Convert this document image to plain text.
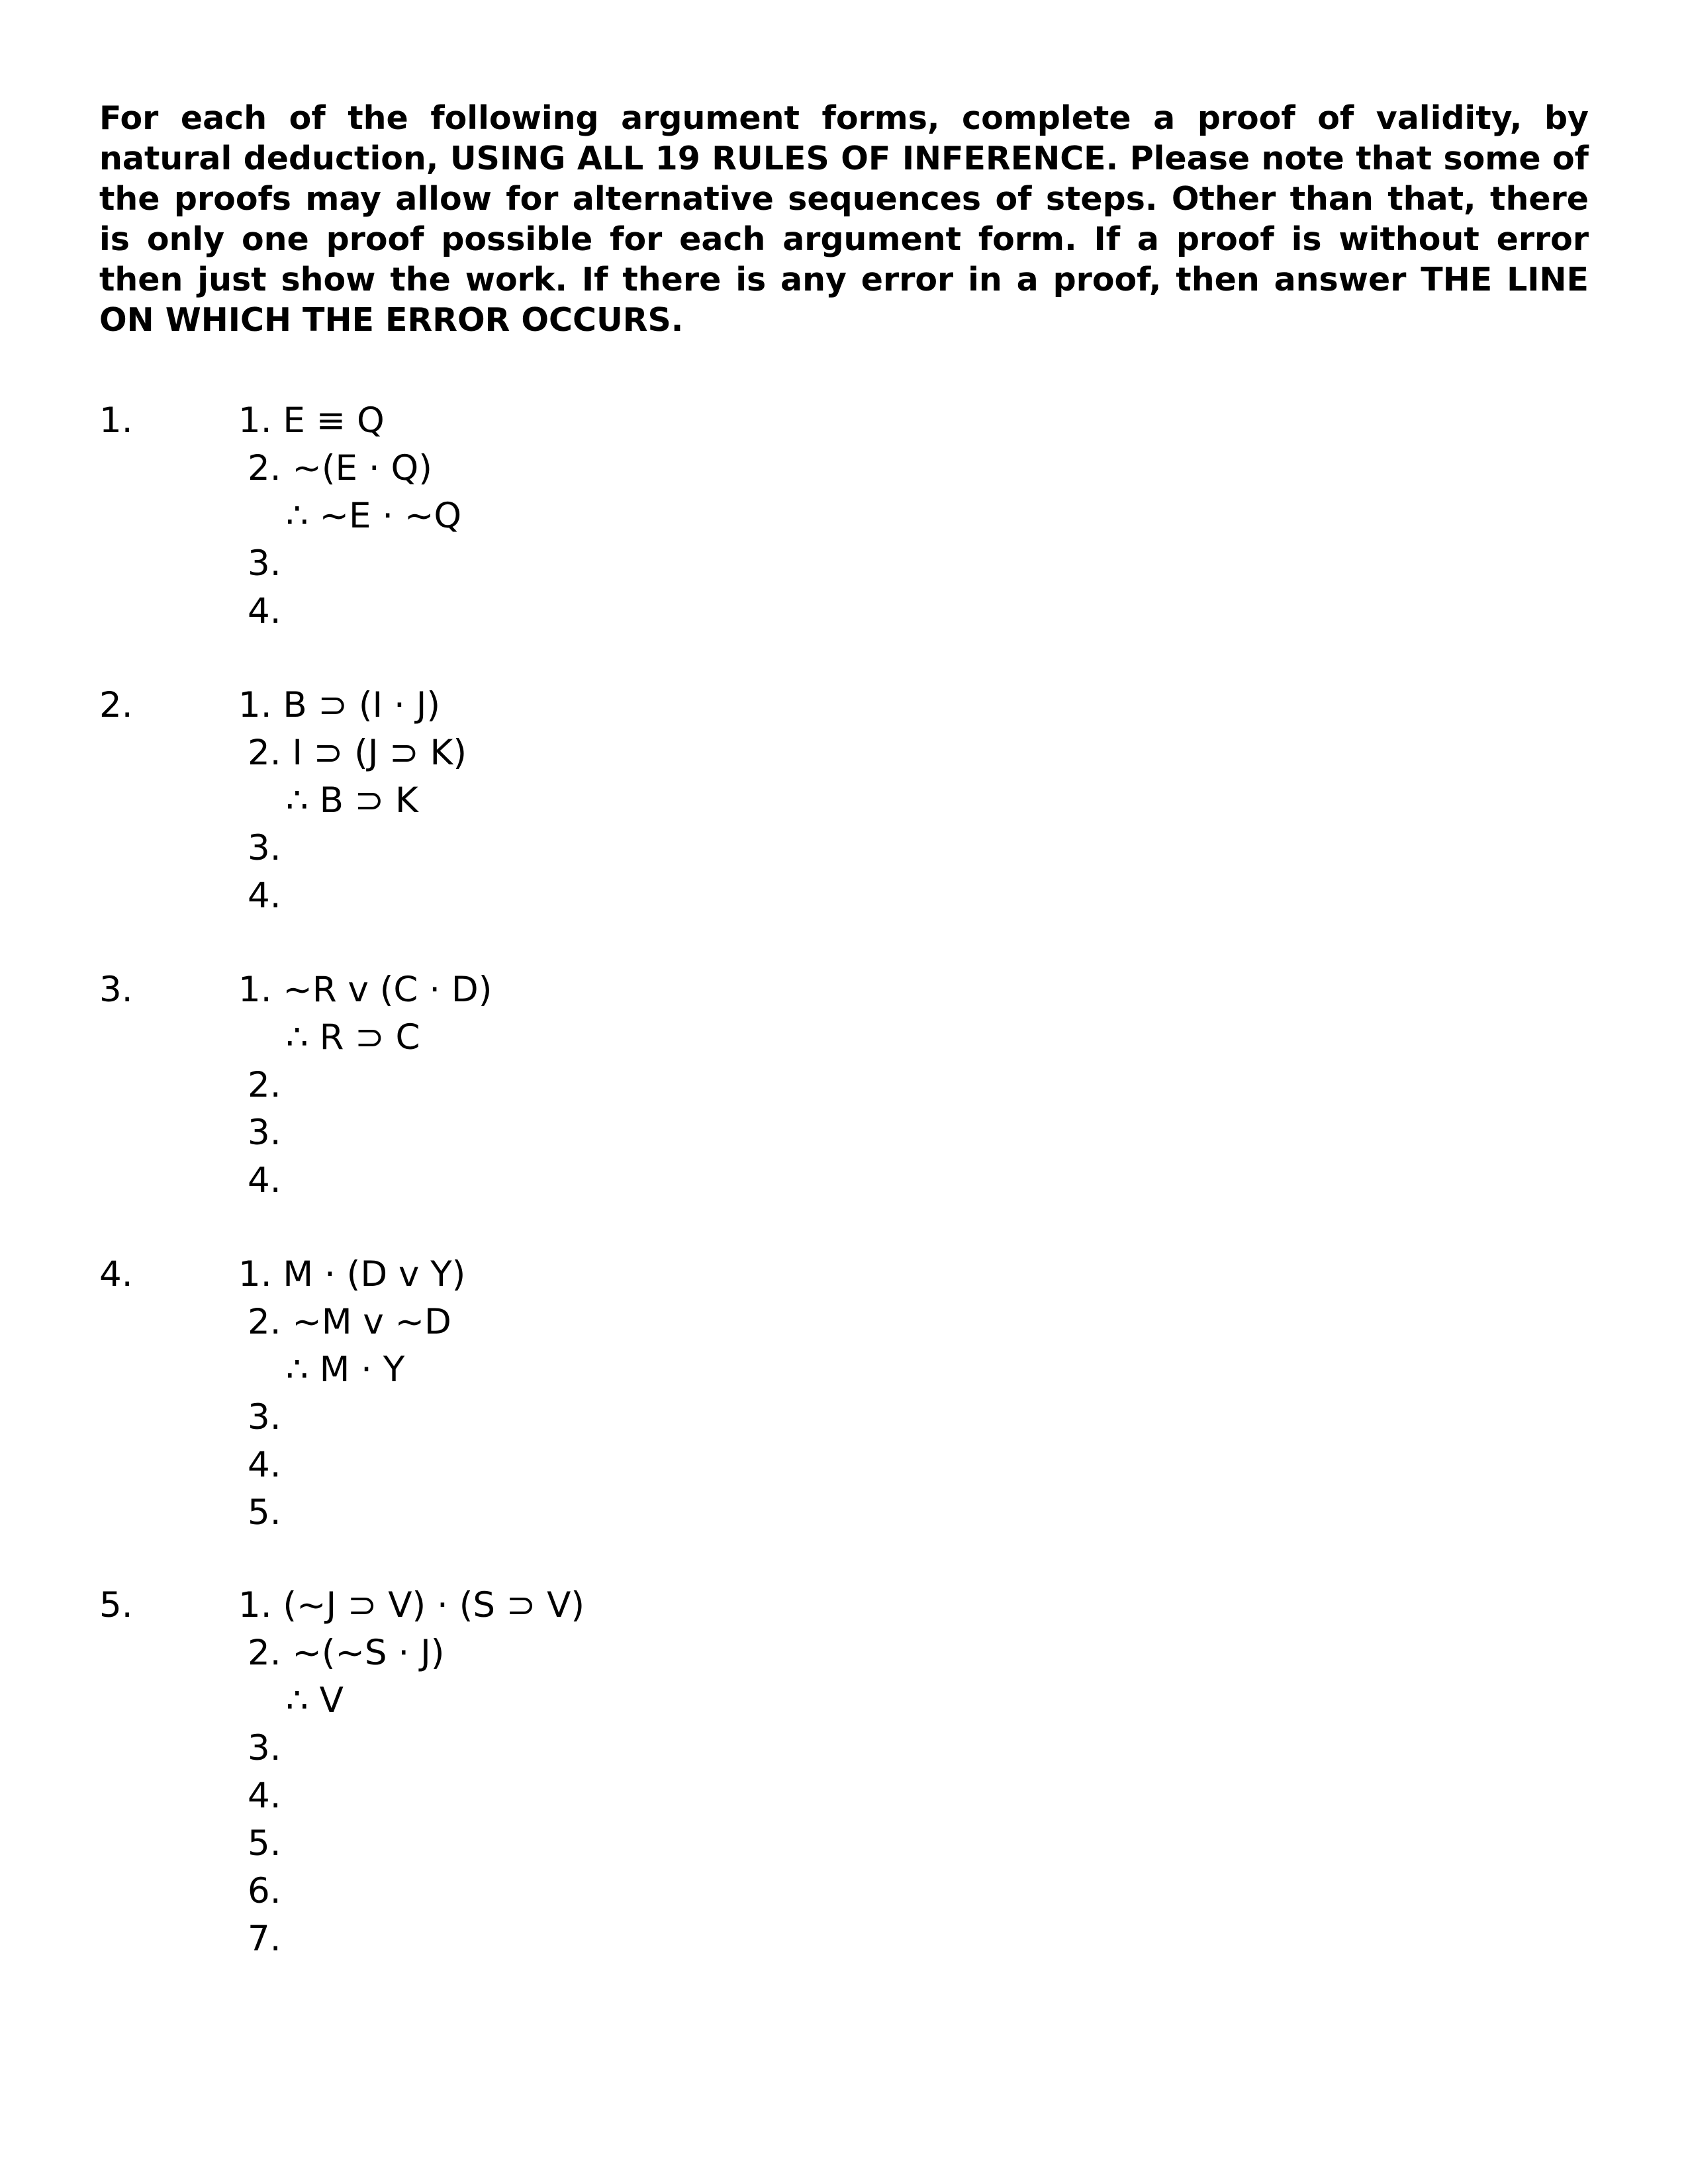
For each of the following argument forms, complete a proof of validity, by natural deduction, USING ALL 19 RULES OF INFERENCE. Please note that some of the proofs may allow for alternative sequences of steps. Other than that, there is only one proof possible for each argument form. If a proof is without error then just show the work. If there is any error in a proof, then answer THE LINE ON WHICH THE ERROR OCCURS.

1.	1. E ≡ Q
2. ~(E · Q)
∴ ~E · ~Q
3.
4.
2.	1. B ⊃ (I · J)
2. I ⊃ (J ⊃ K)
∴ B ⊃ K
3.
4.
3.	1. ~R v (C · D)
∴ R ⊃ C
2.
3.
4.
4.	1. M · (D v Y)
2. ~M v ~D
∴ M · Y
3.
4.
5.
5.	1. (~J ⊃ V) · (S ⊃ V)
2. ~(~S · J)
∴ V
3.
4.
5.
6.
7.
